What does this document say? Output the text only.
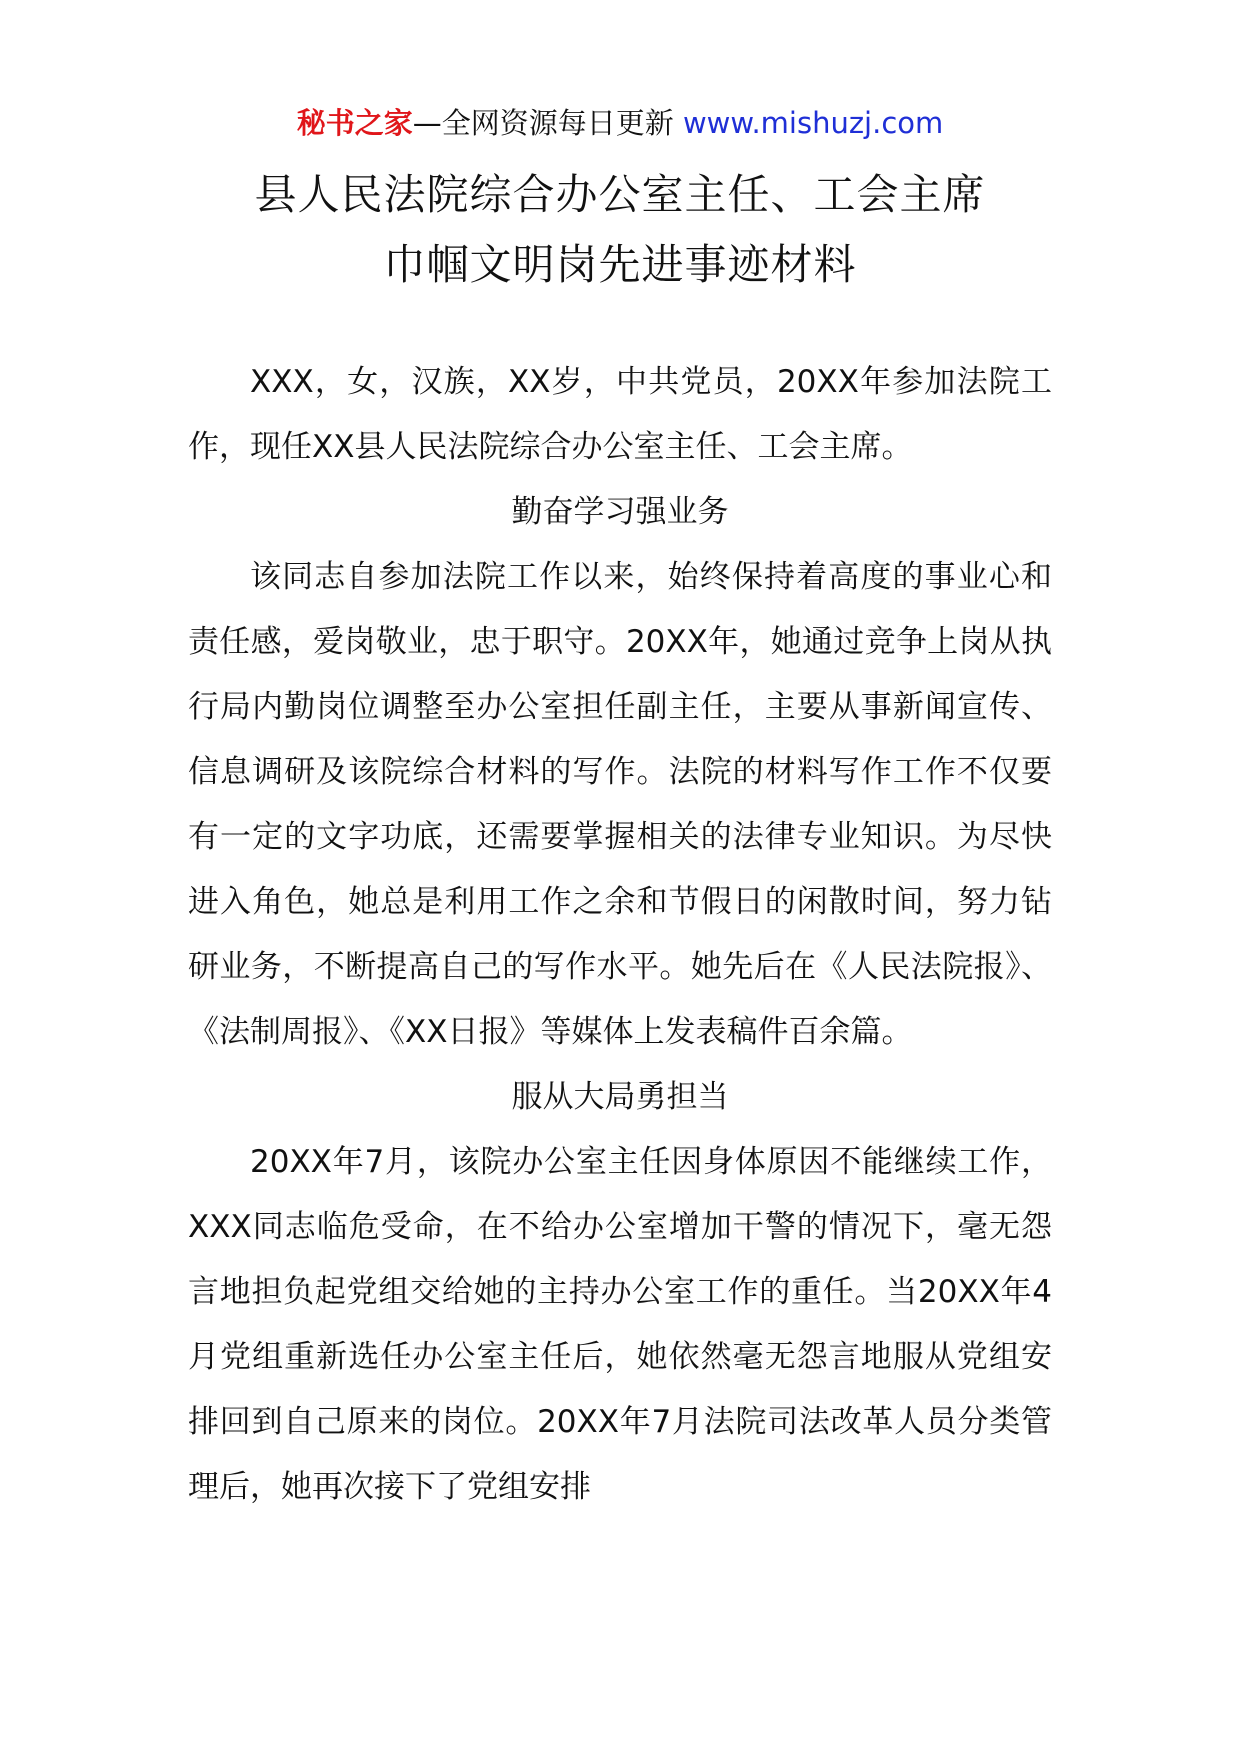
秘书之家—全网资源每日更新 www.mishuzj.com
县人民法院综合办公室主任、工会主席
巾帼文明岗先进事迹材料

XXX，女，汉族，XX岁，中共党员，20XX年参加法院工作，现任XX县人民法院综合办公室主任、工会主席。

勤奋学习强业务

该同志自参加法院工作以来，始终保持着高度的事业心和责任感，爱岗敬业，忠于职守。20XX年，她通过竞争上岗从执行局内勤岗位调整至办公室担任副主任，主要从事新闻宣传、信息调研及该院综合材料的写作。法院的材料写作工作不仅要有一定的文字功底，还需要掌握相关的法律专业知识。为尽快进入角色，她总是利用工作之余和节假日的闲散时间，努力钻研业务，不断提高自己的写作水平。她先后在《人民法院报》、《法制周报》、《XX日报》等媒体上发表稿件百余篇。

服从大局勇担当

20XX年7月，该院办公室主任因身体原因不能继续工作，XXX同志临危受命，在不给办公室增加干警的情况下，毫无怨言地担负起党组交给她的主持办公室工作的重任。当20XX年4月党组重新选任办公室主任后，她依然毫无怨言地服从党组安排回到自己原来的岗位。20XX年7月法院司法改革人员分类管理后，她再次接下了党组安排
